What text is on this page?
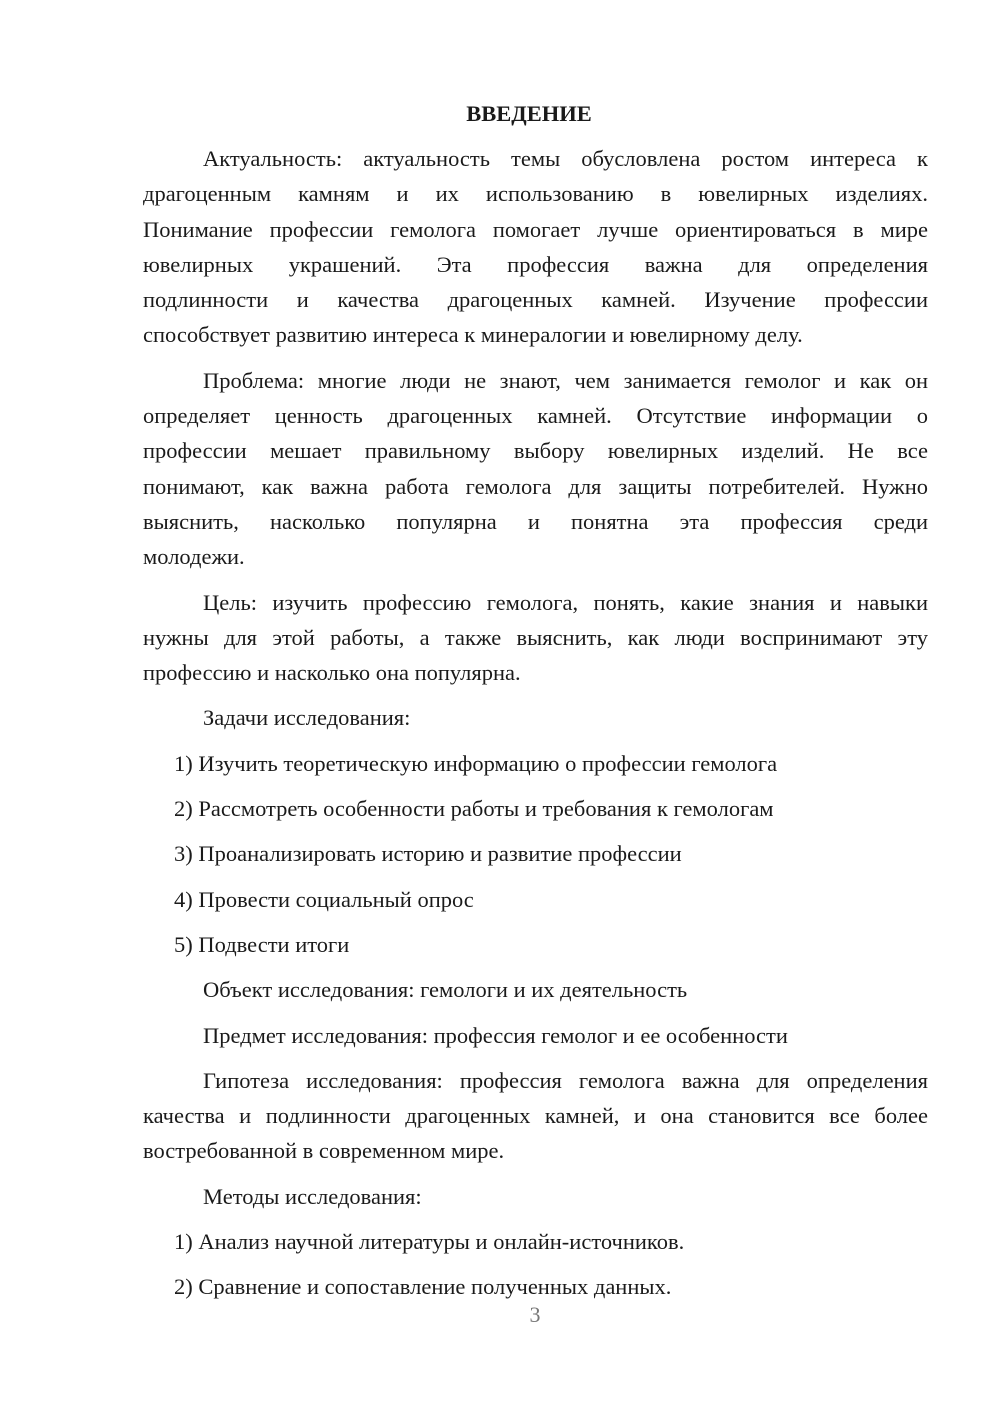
ВВЕДЕНИЕ
Актуальность: актуальность темы обусловлена ростом интереса к
драгоценным камням и их использованию в ювелирных изделиях.
Понимание профессии гемолога помогает лучше ориентироваться в мире
ювелирных украшений. Эта профессия важна для определения
подлинности и качества драгоценных камней. Изучение профессии
способствует развитию интереса к минералогии и ювелирному делу.
Проблема: многие люди не знают, чем занимается гемолог и как он
определяет ценность драгоценных камней. Отсутствие информации о
профессии мешает правильному выбору ювелирных изделий. Не все
понимают, как важна работа гемолога для защиты потребителей. Нужно
выяснить, насколько популярна и понятна эта профессия среди
молодежи.
Цель: изучить профессию гемолога, понять, какие знания и навыки
нужны для этой работы, а также выяснить, как люди воспринимают эту
профессию и насколько она популярна.
Задачи исследования:
1) Изучить теоретическую информацию о профессии гемолога
2) Рассмотреть особенности работы и требования к гемологам
3) Проанализировать историю и развитие профессии
4) Провести социальный опрос
5) Подвести итоги
Объект исследования: гемологи и их деятельность
Предмет исследования: профессия гемолог и ее особенности
Гипотеза исследования: профессия гемолога важна для определения
качества и подлинности драгоценных камней, и она становится все более
востребованной в современном мире.
Методы исследования:
1) Анализ научной литературы и онлайн-источников.
2) Сравнение и сопоставление полученных данных.
3
